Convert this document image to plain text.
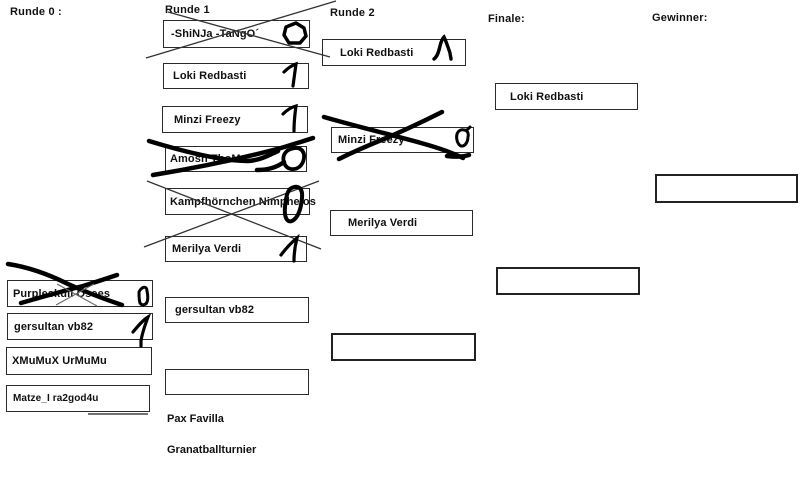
Runde 0 :	Runde 1	Runde 2	Finale:	Gewinner:
Purpleskull Osees
gersultan vb82
XMuMuX UrMuMu
Matze_I ra2god4u
-ShiNJa -TaNgO´
Loki Redbasti
Minzi Freezy
Amosh ThoMa
Kampfhörnchen Nimphelos
Merilya Verdi
gersultan vb82
Loki Redbasti
Minzi Freezy
Merilya Verdi
Loki Redbasti
Pax Favilla
Granatballturnier
